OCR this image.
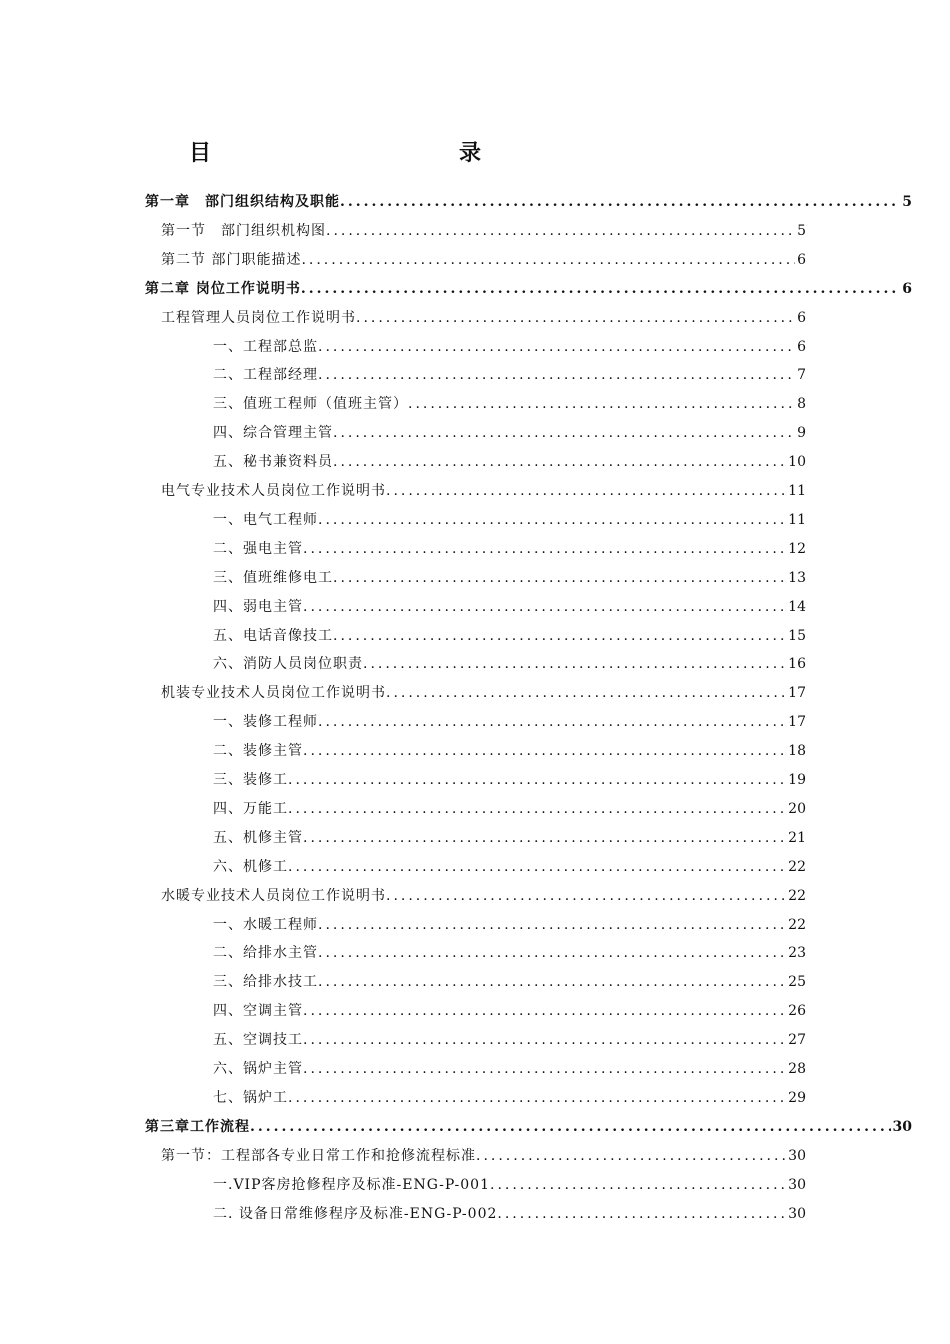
目　　录
第一章　部门组织结构及职能 .....	5
第一节　部门组织机构图 .....	5
第二节 部门职能描述 .....	6
第二章 岗位工作说明书 .....	6
工程管理人员岗位工作说明书 .....	6
一、工程部总监 .....	6
二、工程部经理 .....	7
三、值班工程师（值班主管） .....	8
四、综合管理主管 .....	9
五、秘书兼资料员 .....	10
电气专业技术人员岗位工作说明书 .....	11
一、电气工程师 .....	11
二、强电主管 .....	12
三、值班维修电工 .....	13
四、弱电主管 .....	14
五、电话音像技工 .....	15
六、消防人员岗位职责 .....	16
机装专业技术人员岗位工作说明书 .....	17
一、装修工程师 .....	17
二、装修主管 .....	18
三、装修工 .....	19
四、万能工 .....	20
五、机修主管 .....	21
六、机修工 .....	22
水暖专业技术人员岗位工作说明书 .....	22
一、水暖工程师 .....	22
二、给排水主管 .....	23
三、给排水技工 .....	25
四、空调主管 .....	26
五、空调技工 .....	27
六、锅炉主管 .....	28
七、锅炉工 .....	29
第三章工作流程 .....	30
第一节：工程部各专业日常工作和抢修流程标准 .....	30
一.VIP客房抢修程序及标准-ENG-P-001 .....	30
二. 设备日常维修程序及标准-ENG-P-002 .....	30
